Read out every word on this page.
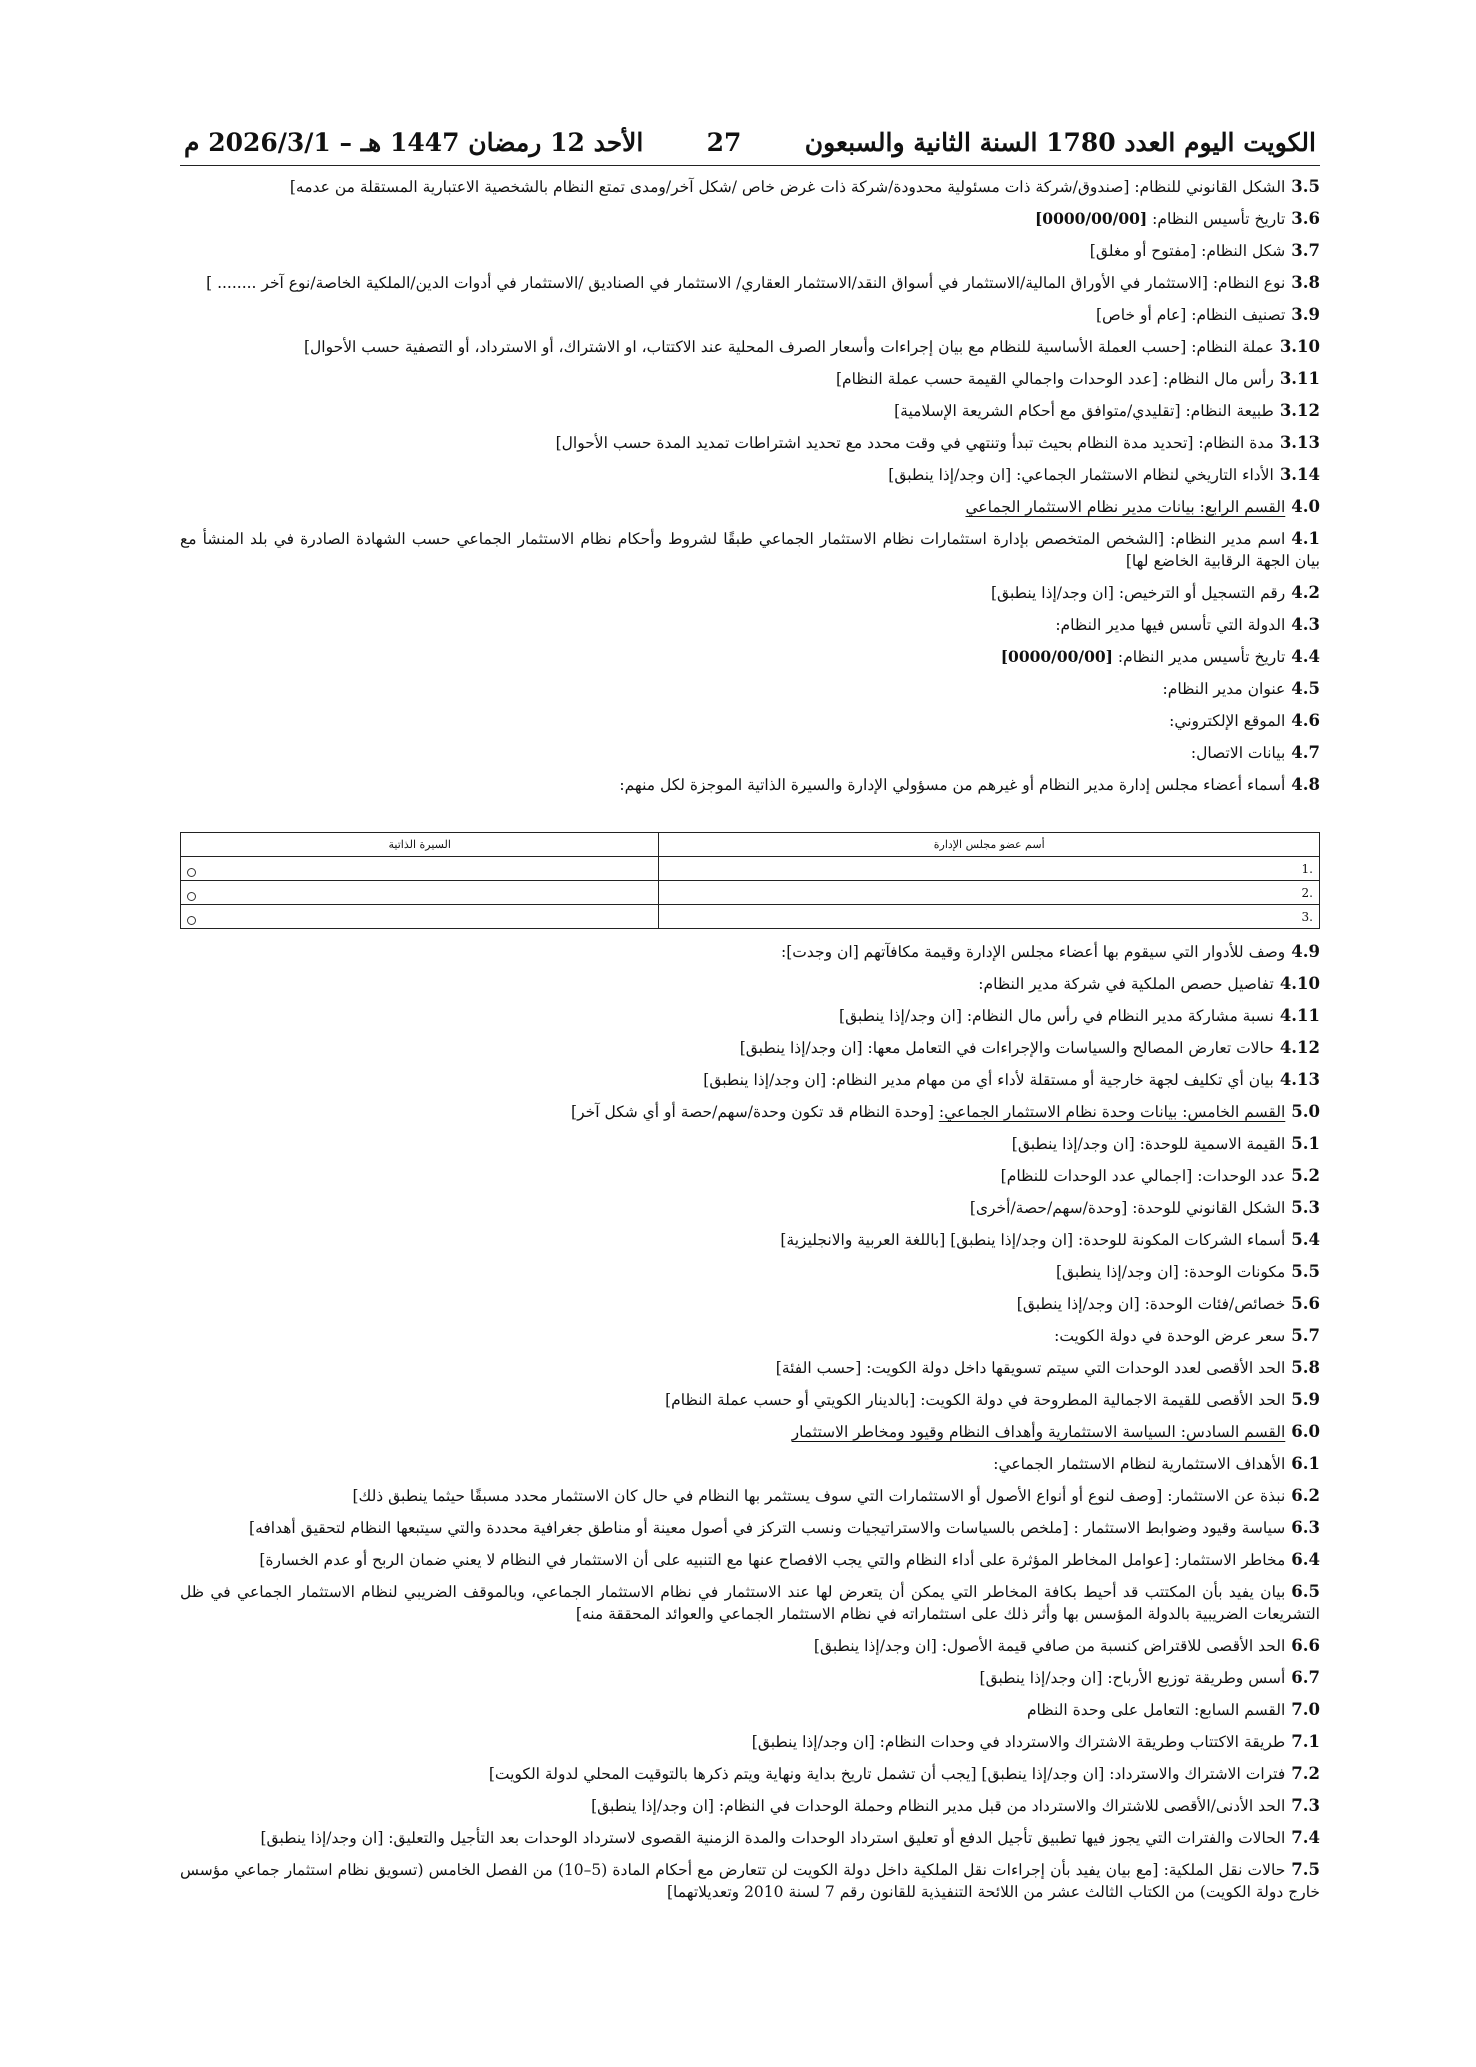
الكويت اليوم العدد 1780 السنة الثانية والسبعون
27
الأحد 12 رمضان 1447 هـ – 2026/3/1 م
3.5الشكل القانوني للنظام: [صندوق/شركة ذات مسئولية محدودة/شركة ذات غرض خاص /شكل آخر/ومدى تمتع النظام بالشخصية الاعتبارية المستقلة من عدمه]
3.6تاريخ تأسيس النظام: [0000/00/00]
3.7شكل النظام: [مفتوح أو مغلق]
3.8نوع النظام: [الاستثمار في الأوراق المالية/الاستثمار في أسواق النقد/الاستثمار العقاري/ الاستثمار في الصناديق /الاستثمار في أدوات الدين/الملكية الخاصة/نوع آخر ........ ]
3.9تصنيف النظام: [عام أو خاص]
3.10عملة النظام: [حسب العملة الأساسية للنظام مع بيان إجراءات وأسعار الصرف المحلية عند الاكتتاب، او الاشتراك، أو الاسترداد، أو التصفية حسب الأحوال]
3.11رأس مال النظام: [عدد الوحدات واجمالي القيمة حسب عملة النظام]
3.12طبيعة النظام: [تقليدي/متوافق مع أحكام الشريعة الإسلامية]
3.13مدة النظام: [تحديد مدة النظام بحيث تبدأ وتنتهي في وقت محدد مع تحديد اشتراطات تمديد المدة حسب الأحوال]
3.14الأداء التاريخي لنظام الاستثمار الجماعي: [ان وجد/إذا ينطبق]
4.0القسم الرابع: بيانات مدير نظام الاستثمار الجماعي
4.1اسم مدير النظام: [الشخص المتخصص بإدارة استثمارات نظام الاستثمار الجماعي طبقًا لشروط وأحكام نظام الاستثمار الجماعي حسب الشهادة الصادرة في بلد المنشأ مع بيان الجهة الرقابية الخاضع لها]
4.2رقم التسجيل أو الترخيص: [ان وجد/إذا ينطبق]
4.3الدولة التي تأسس فيها مدير النظام:
4.4تاريخ تأسيس مدير النظام: [0000/00/00]
4.5عنوان مدير النظام:
4.6الموقع الإلكتروني:
4.7بيانات الاتصال:
4.8أسماء أعضاء مجلس إدارة مدير النظام أو غيرهم من مسؤولي الإدارة والسيرة الذاتية الموجزة لكل منهم:
أسم عضو مجلس الإدارة	السيرة الذاتية
1.	

2.	

3.	
4.9وصف للأدوار التي سيقوم بها أعضاء مجلس الإدارة وقيمة مكافآتهم [ان وجدت]:
4.10تفاصيل حصص الملكية في شركة مدير النظام:
4.11نسبة مشاركة مدير النظام في رأس مال النظام: [ان وجد/إذا ينطبق]
4.12حالات تعارض المصالح والسياسات والإجراءات في التعامل معها: [ان وجد/إذا ينطبق]
4.13بيان أي تكليف لجهة خارجية أو مستقلة لأداء أي من مهام مدير النظام: [ان وجد/إذا ينطبق]
5.0القسم الخامس: بيانات وحدة نظام الاستثمار الجماعي: [وحدة النظام قد تكون وحدة/سهم/حصة أو أي شكل آخر]
5.1القيمة الاسمية للوحدة: [ان وجد/إذا ينطبق]
5.2عدد الوحدات: [اجمالي عدد الوحدات للنظام]
5.3الشكل القانوني للوحدة: [وحدة/سهم/حصة/أخرى]
5.4أسماء الشركات المكونة للوحدة: [ان وجد/إذا ينطبق] [باللغة العربية والانجليزية]
5.5مكونات الوحدة: [ان وجد/إذا ينطبق]
5.6خصائص/فئات الوحدة: [ان وجد/إذا ينطبق]
5.7سعر عرض الوحدة في دولة الكويت:
5.8الحد الأقصى لعدد الوحدات التي سيتم تسويقها داخل دولة الكويت: [حسب الفئة]
5.9الحد الأقصى للقيمة الاجمالية المطروحة في دولة الكويت: [بالدينار الكويتي أو حسب عملة النظام]
6.0القسم السادس: السياسة الاستثمارية وأهداف النظام وقيود ومخاطر الاستثمار
6.1الأهداف الاستثمارية لنظام الاستثمار الجماعي:
6.2نبذة عن الاستثمار: [وصف لنوع أو أنواع الأصول أو الاستثمارات التي سوف يستثمر بها النظام في حال كان الاستثمار محدد مسبقًا حيثما ينطبق ذلك]
6.3سياسة وقيود وضوابط الاستثمار : [ملخص بالسياسات والاستراتيجيات ونسب التركز في أصول معينة أو مناطق جغرافية محددة والتي سيتبعها النظام لتحقيق أهدافه]
6.4مخاطر الاستثمار: [عوامل المخاطر المؤثرة على أداء النظام والتي يجب الافصاح عنها مع التنبيه على أن الاستثمار في النظام لا يعني ضمان الربح أو عدم الخسارة]
6.5بيان يفيد بأن المكتتب قد أحيط بكافة المخاطر التي يمكن أن يتعرض لها عند الاستثمار في نظام الاستثمار الجماعي، وبالموقف الضريبي لنظام الاستثمار الجماعي في ظل التشريعات الضريبية بالدولة المؤسس بها وأثر ذلك على استثماراته في نظام الاستثمار الجماعي والعوائد المحققة منه]
6.6الحد الأقصى للاقتراض كنسبة من صافي قيمة الأصول: [ان وجد/إذا ينطبق]
6.7أسس وطريقة توزيع الأرباح: [ان وجد/إذا ينطبق]
7.0القسم السابع: التعامل على وحدة النظام
7.1طريقة الاكتتاب وطريقة الاشتراك والاسترداد في وحدات النظام: [ان وجد/إذا ينطبق]
7.2فترات الاشتراك والاسترداد: [ان وجد/إذا ينطبق] [يجب أن تشمل تاريخ بداية ونهاية ويتم ذكرها بالتوقيت المحلي لدولة الكويت]
7.3الحد الأدنى/الأقصى للاشتراك والاسترداد من قبل مدير النظام وحملة الوحدات في النظام: [ان وجد/إذا ينطبق]
7.4الحالات والفترات التي يجوز فيها تطبيق تأجيل الدفع أو تعليق استرداد الوحدات والمدة الزمنية القصوى لاسترداد الوحدات بعد التأجيل والتعليق: [ان وجد/إذا ينطبق]
7.5حالات نقل الملكية: [مع بيان يفيد بأن إجراءات نقل الملكية داخل دولة الكويت لن تتعارض مع أحكام المادة (5–10) من الفصل الخامس (تسويق نظام استثمار جماعي مؤسس خارج دولة الكويت) من الكتاب الثالث عشر من اللائحة التنفيذية للقانون رقم 7 لسنة 2010 وتعديلاتهما]
